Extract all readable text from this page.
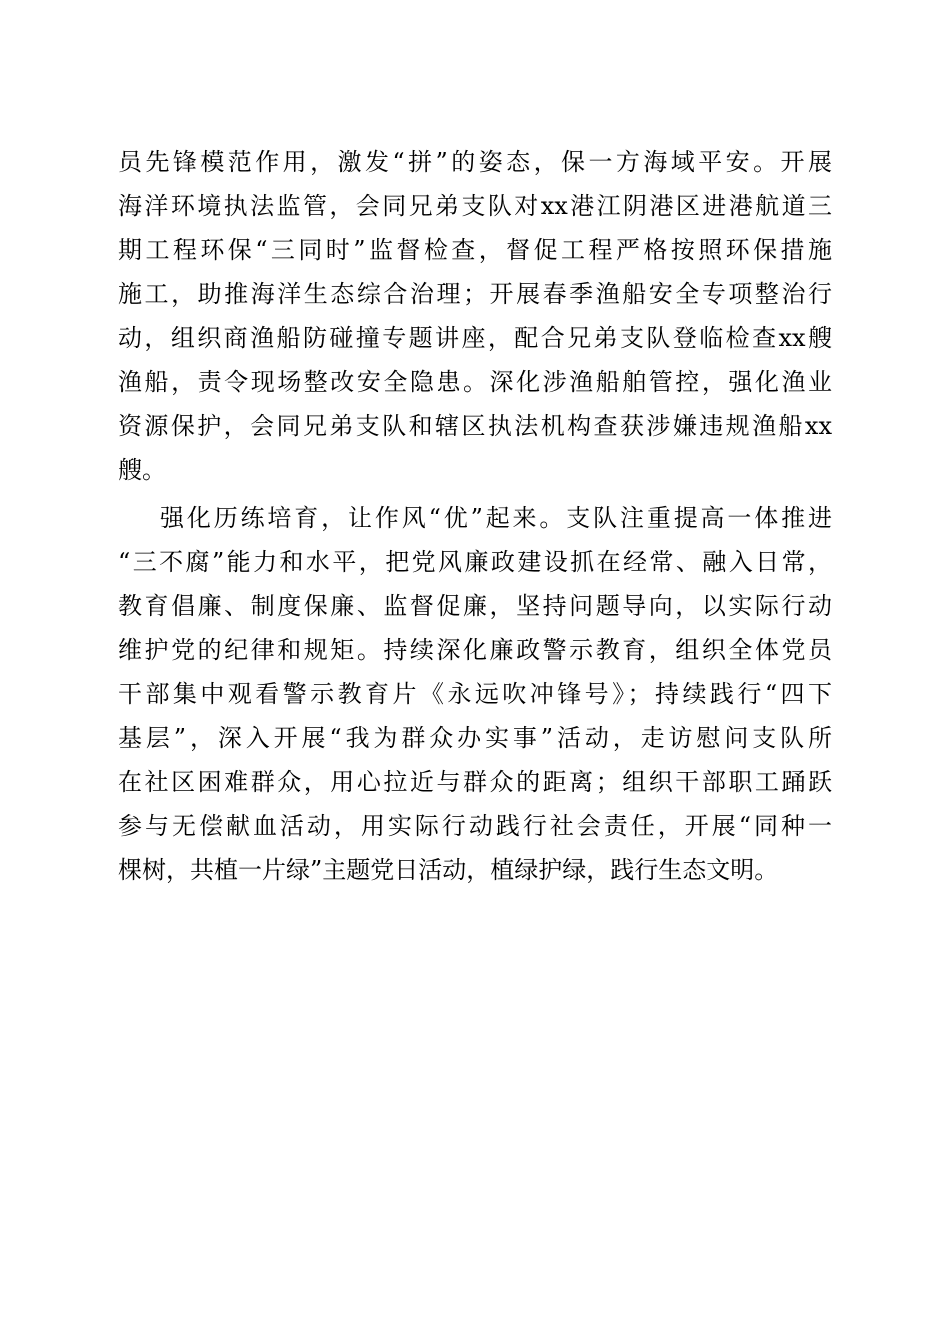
员先锋模范作用，激发“拼”的姿态，保一方海域平安。开展
海洋环境执法监管，会同兄弟支队对xx港江阴港区进港航道三
期工程环保“三同时”监督检查，督促工程严格按照环保措施
施工，助推海洋生态综合治理；开展春季渔船安全专项整治行
动，组织商渔船防碰撞专题讲座，配合兄弟支队登临检查xx艘
渔船，责令现场整改安全隐患。深化涉渔船舶管控，强化渔业
资源保护，会同兄弟支队和辖区执法机构查获涉嫌违规渔船xx
艘。
强化历练培育，让作风“优”起来。支队注重提高一体推进
“三不腐”能力和水平，把党风廉政建设抓在经常、融入日常，
教育倡廉、制度保廉、监督促廉，坚持问题导向，以实际行动
维护党的纪律和规矩。持续深化廉政警示教育，组织全体党员
干部集中观看警示教育片《永远吹冲锋号》；持续践行“四下
基层”，深入开展“我为群众办实事”活动，走访慰问支队所
在社区困难群众，用心拉近与群众的距离；组织干部职工踊跃
参与无偿献血活动，用实际行动践行社会责任，开展“同种一
棵树，共植一片绿”主题党日活动，植绿护绿，践行生态文明。
